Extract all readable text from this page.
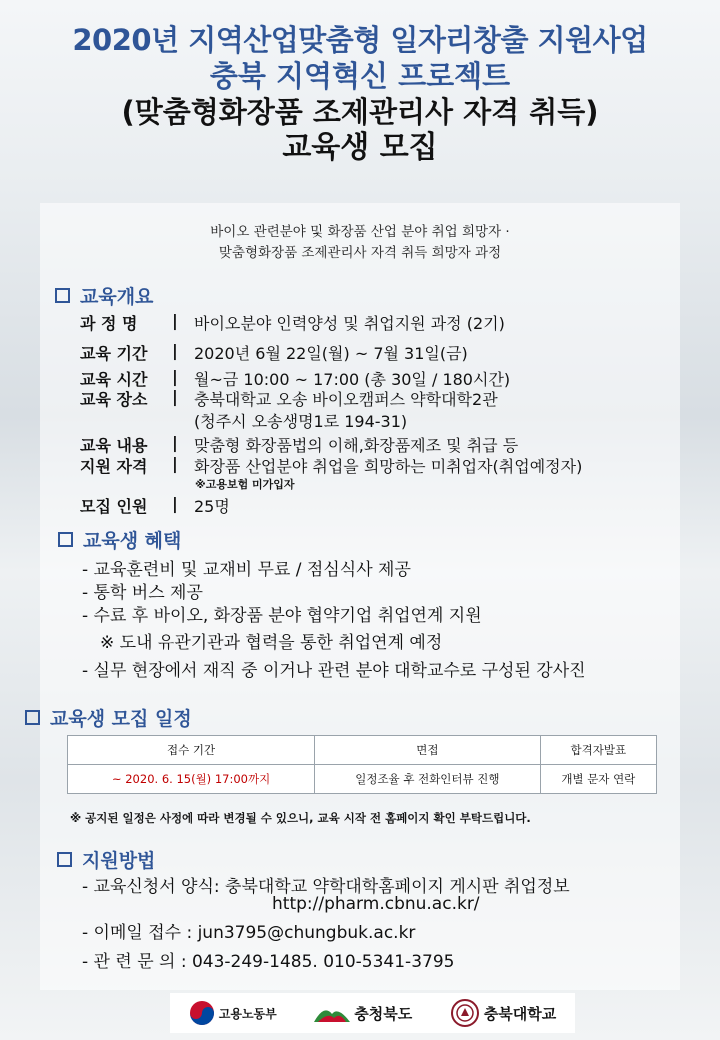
2020년 지역산업맞춤형 일자리창출 지원사업
충북 지역혁신 프로젝트
(맞춤형화장품 조제관리사 자격 취득)
교육생 모집
바이오 관련분야 및 화장품 산업 분야 취업 희망자 ·
맞춤형화장품 조제관리사 자격 취득 희망자 과정
교육개요
과 정 명	|	바이오분야 인력양성 및 취업지원 과정 (2기)
교육 기간	|	2020년 6월 22일(월) ~ 7월 31일(금)
교육 시간	|	월~금 10:00 ~ 17:00 (총 30일 / 180시간)
교육 장소	|	충북대학교 오송 바이오캠퍼스 약학대학2관
(청주시 오송생명1로 194-31)
교육 내용	|	맞춤형 화장품법의 이해,화장품제조 및 취급 등
지원 자격	|	화장품 산업분야 취업을 희망하는 미취업자(취업예정자)
※고용보험 미가입자
모집 인원	|	25명
교육생 혜택
- 교육훈련비 및 교재비 무료 / 점심식사 제공
- 통학 버스 제공
- 수료 후 바이오, 화장품 분야 협약기업 취업연계 지원
※ 도내 유관기관과 협력을 통한 취업연계 예정
- 실무 현장에서 재직 중 이거나 관련 분야 대학교수로 구성된 강사진
교육생 모집 일정
접수 기간	면접	합격자발표
~ 2020. 6. 15(월) 17:00까지	일정조율 후 전화인터뷰 진행	개별 문자 연락
※ 공지된 일정은 사정에 따라 변경될 수 있으니, 교육 시작 전 홈페이지 확인 부탁드립니다.
지원방법
- 교육신청서 양식: 충북대학교 약학대학홈페이지 게시판 취업정보
http://pharm.cbnu.ac.kr/
- 이메일 접수 : jun3795@chungbuk.ac.kr
- 관 련 문 의 : 043-249-1485. 010-5341-3795
고용노동부	충청북도	충북대학교
